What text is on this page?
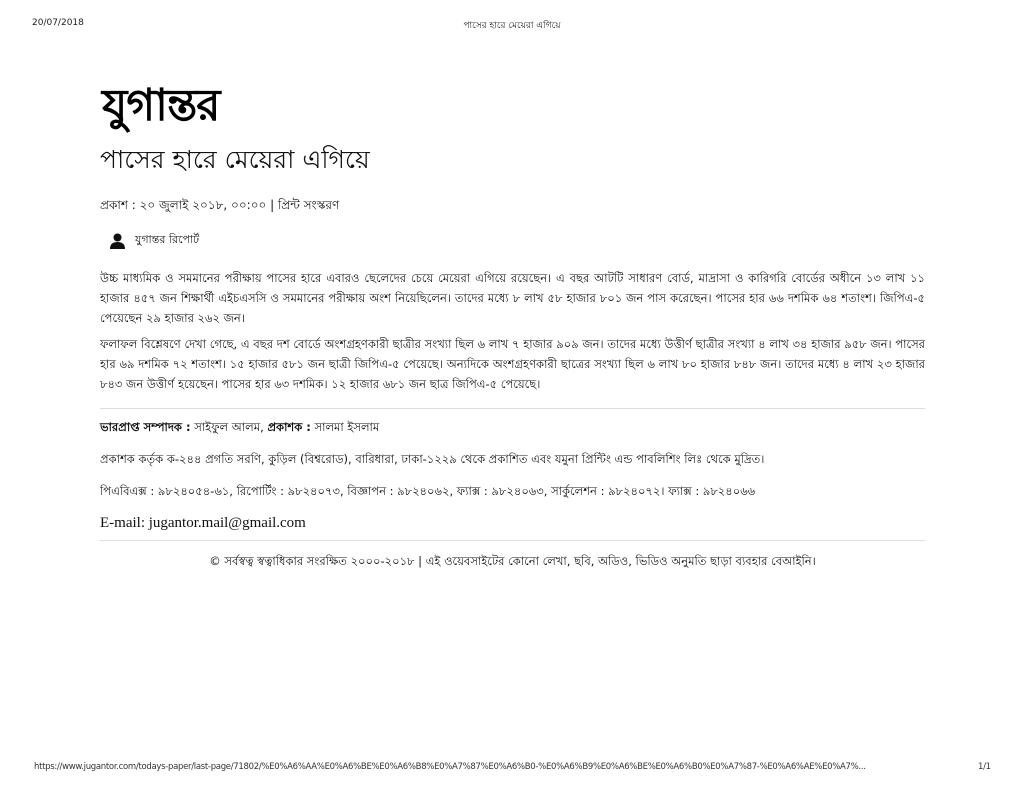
20/07/2018	পাসের হারে মেয়েরা এগিয়ে
যুগান্তর
পাসের হারে মেয়েরা এগিয়ে
প্রকাশ : ২০ জুলাই ২০১৮, ০০:০০ | প্রিন্ট সংস্করণ
যুগান্তর রিপোর্ট

উচ্চ মাধ্যমিক ও সমমানের পরীক্ষায় পাসের হারে এবারও ছেলেদের চেয়ে মেয়েরা এগিয়ে রয়েছেন। এ বছর আটটি সাধারণ বোর্ড, মাদ্রাসা ও কারিগরি বোর্ডের অধীনে ১৩ লাখ ১১ হাজার ৪৫৭ জন শিক্ষার্থী এইচএসসি ও সমমানের পরীক্ষায় অংশ নিয়েছিলেন। তাদের মধ্যে ৮ লাখ ৫৮ হাজার ৮০১ জন পাস করেছেন। পাসের হার ৬৬ দশমিক ৬৪ শতাংশ। জিপিএ-৫ পেয়েছেন ২৯ হাজার ২৬২ জন।

ফলাফল বিশ্লেষণে দেখা গেছে, এ বছর দশ বোর্ডে অংশগ্রহণকারী ছাত্রীর সংখ্যা ছিল ৬ লাখ ৭ হাজার ৯০৯ জন। তাদের মধ্যে উত্তীর্ণ ছাত্রীর সংখ্যা ৪ লাখ ৩৪ হাজার ৯৫৮ জন। পাসের হার ৬৯ দশমিক ৭২ শতাংশ। ১৫ হাজার ৫৮১ জন ছাত্রী জিপিএ-৫ পেয়েছে। অন্যদিকে অংশগ্রহণকারী ছাত্রের সংখ্যা ছিল ৬ লাখ ৮০ হাজার ৮৪৮ জন। তাদের মধ্যে ৪ লাখ ২৩ হাজার ৮৪৩ জন উত্তীর্ণ হয়েছেন। পাসের হার ৬৩ দশমিক। ১২ হাজার ৬৮১ জন ছাত্র জিপিএ-৫ পেয়েছে।

ভারপ্রাপ্ত সম্পাদক : সাইফুল আলম, প্রকাশক : সালমা ইসলাম

প্রকাশক কর্তৃক ক-২৪৪ প্রগতি সরণি, কুড়িল (বিশ্বরোড), বারিধারা, ঢাকা-১২২৯ থেকে প্রকাশিত এবং যমুনা প্রিন্টিং এন্ড পাবলিশিং লিঃ থেকে মুদ্রিত।

পিএবিএক্স : ৯৮২৪০৫৪-৬১, রিপোর্টিং : ৯৮২৪০৭৩, বিজ্ঞাপন : ৯৮২৪০৬২, ফ্যাক্স : ৯৮২৪০৬৩, সার্কুলেশন : ৯৮২৪০৭২। ফ্যাক্স : ৯৮২৪০৬৬

E-mail: jugantor.mail@gmail.com

© সর্বস্বত্ব স্বত্বাধিকার সংরক্ষিত ২০০০-২০১৮ | এই ওয়েবসাইটের কোনো লেখা, ছবি, অডিও, ভিডিও অনুমতি ছাড়া ব্যবহার বেআইনি।

https://www.jugantor.com/todays-paper/last-page/71802/%E0%A6%AA%E0%A6%BE%E0%A6%B8%E0%A7%87%E0%A6%B0-%E0%A6%B9%E0%A6%BE%E0%A6%B0%E0%A7%87-%E0%A6%AE%E0%A7%...	1/1
